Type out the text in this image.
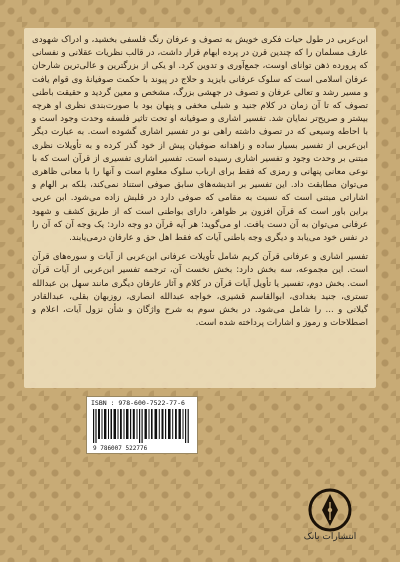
ابن‌عربی در طول حیات فکری خویش به تصوف و عرفان رنگ فلسفی بخشید، و ادراک شهودی عارف مسلمان را که چندین قرن در پرده ابهام قرار داشت، در قالب نظریات عقلانی و نفسانی که پرورده ذهن توانای اوست، جمع‌آوری و تدوین کرد. او یکی از بزرگترین و عالی‌ترین شارحان عرفان اسلامی است که سلوک عرفانی بایزید و حلاج در پیوند با حکمت صوفیانهٔ وی قوام یافت و مسیر رشد و تعالی عرفان و تصوف در جهشی بزرگ، مشخص و معین گردید و حقیقت باطنی تصوف که تا آن زمان در کلام جنید و شبلی مخفی و پنهان بود با صورت‌بندی نظری او هرچه بیشتر و صریح‌تر نمایان شد. تفسیر اشاری و صوفیانه او تحت تاثیر فلسفه وحدت وجود است و با احاطه وسیعی که در تصوف داشته راهی نو در تفسیر اشاری گشوده است. به عبارت دیگر ابن‌عربی از تفسیر بسیار ساده و زاهدانه صوفیان پیش از خود گذر کرده و به تأویلات نظری مبتنی بر وحدت وجود و تفسیر اشاری رسیده است. تفسیر اشاری تفسیری از قرآن است که با نوعی معانی پنهانی و رمزی که فقط برای ارباب سلوک معلوم است و آنها را با معانی ظاهری می‌توان مطابقت داد. این تفسیر بر اندیشه‌های سابق صوفی استناد نمی‌کند، بلکه بر الهام و اشاراتی مبتنی است که نسبت به مقامی که صوفی دارد در قلبش زاده می‌شود. ابن عربی براین باور است که قرآن افزون بر ظواهر، دارای بواطنی است که از طریق کشف و شهود عرفانی می‌توان به آن دست یافت. او می‌گوید: هر آیه قرآن دو وجه دارد: یک وجه آن که آن را در نفس خود می‌یابد و دیگری وجه باطنی آیات که فقط اهل حق و عارفان درمی‌یابند.

تفسیر اشاری و عرفانی قرآن کریم شامل تأویلات عرفانی ابن‌عربی از آیات و سوره‌های قرآن است. این مجموعه، سه بخش دارد: بخش نخست آن، ترجمه تفسیر ابن‌عربی از آیات قرآن است. بخش دوم، تفسیر یا تأویل آیات قرآن در کلام و آثار عارفان دیگری مانند سهل بن عبدالله تستری، جنید بغدادی، ابوالقاسم قشیری، خواجه عبدالله انصاری، روزبهان بقلی، عبدالقادر گیلانی و ... را شامل می‌شود. در بخش سوم به شرح واژگان و شأن نزول آیات، اعلام و اصطلاحات و رموز و اشارات پرداخته شده است.

ISBN : 978-600-7522-77-6
9 786007 522776
انتشارات بانک
